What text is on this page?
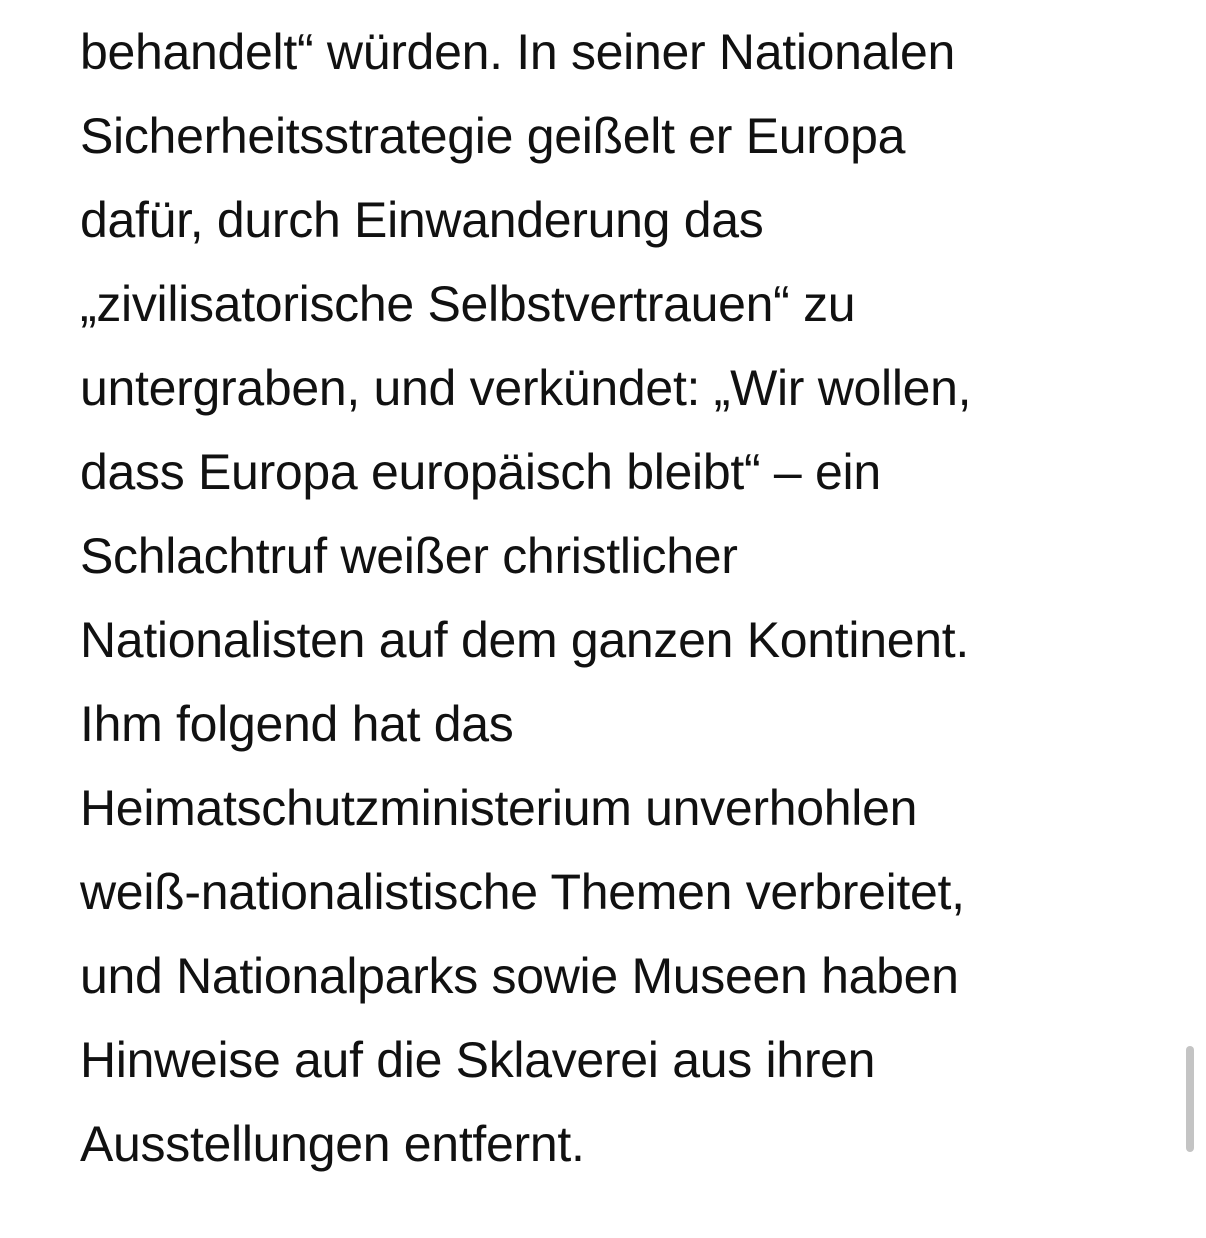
behandelt“ würden. In seiner Nationalen
Sicherheitsstrategie geißelt er Europa
dafür, durch Einwanderung das
„zivilisatorische Selbstvertrauen“ zu
untergraben, und verkündet: „Wir wollen,
dass Europa europäisch bleibt“ – ein
Schlachtruf weißer christlicher
Nationalisten auf dem ganzen Kontinent.
Ihm folgend hat das
Heimatschutzministerium unverhohlen
weiß-nationalistische Themen verbreitet,
und Nationalparks sowie Museen haben
Hinweise auf die Sklaverei aus ihren
Ausstellungen entfernt.
